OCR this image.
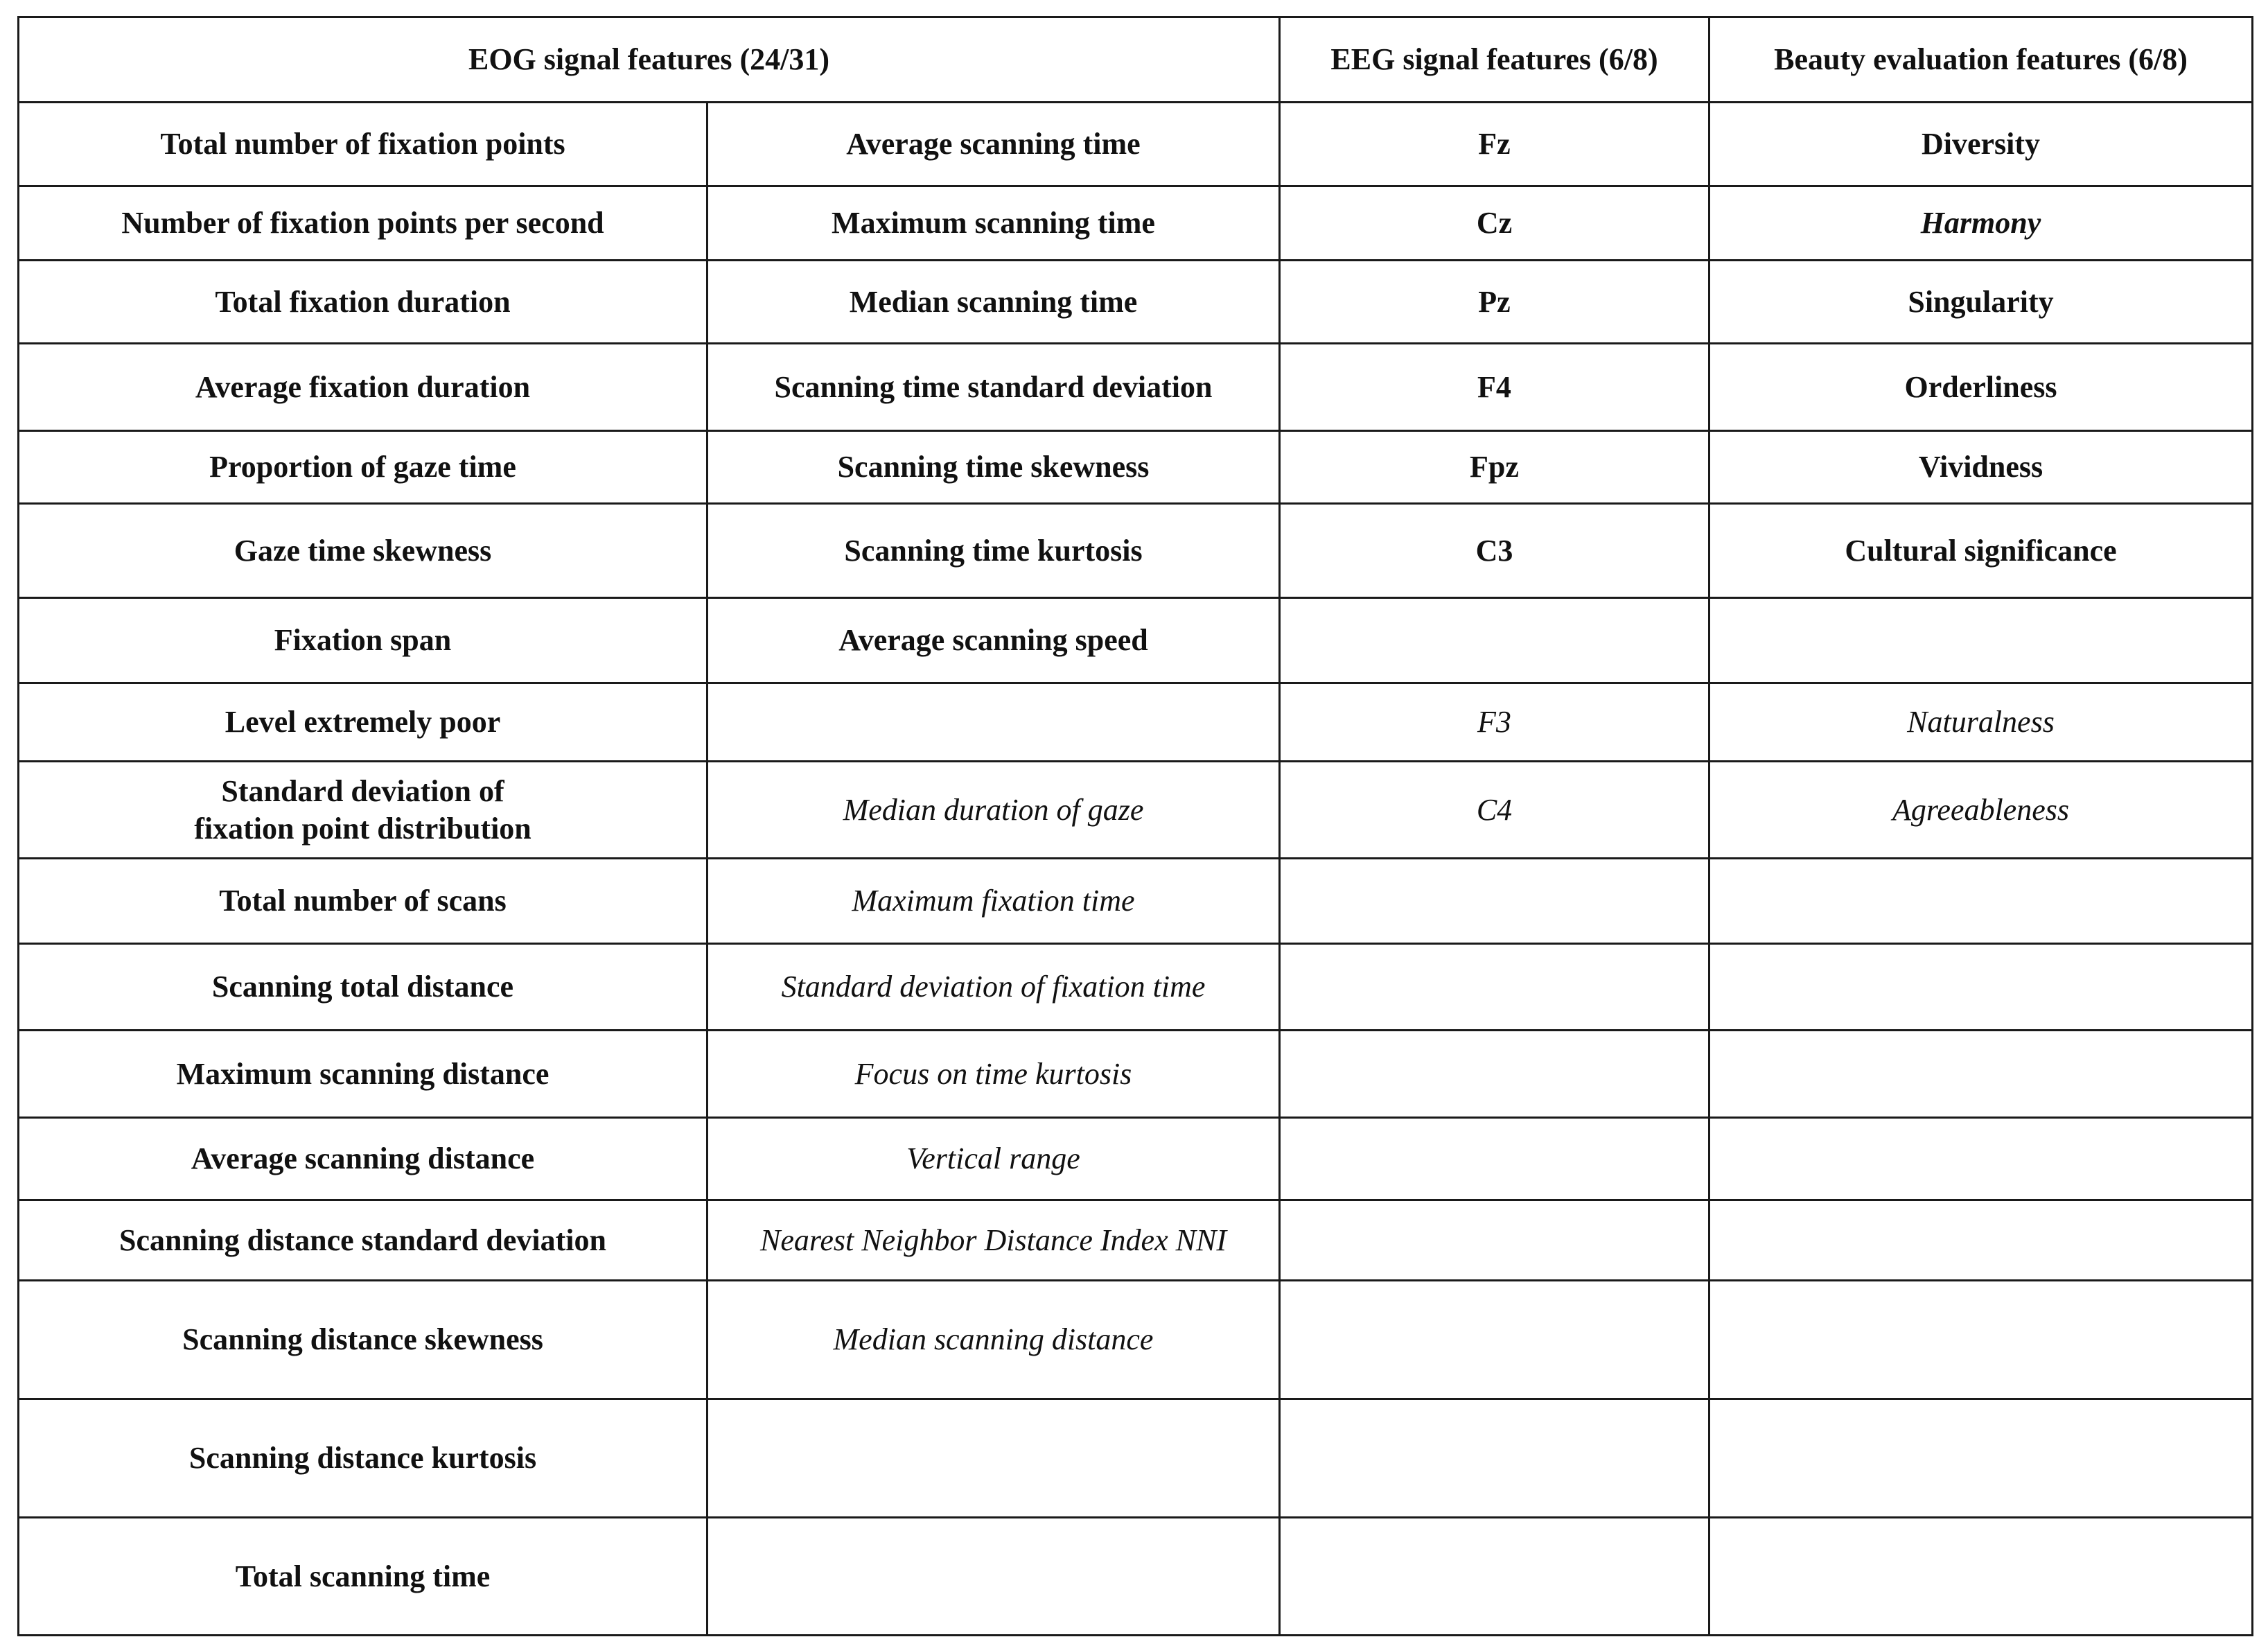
EOG signal features (24/31)		EEG signal features (6/8)	Beauty evaluation features (6/8)
Total number of fixation points	Average scanning time	Fz	Diversity
Number of fixation points per second	Maximum scanning time	Cz	Harmony
Total fixation duration	Median scanning time	Pz	Singularity
Average fixation duration	Scanning time standard deviation	F4	Orderliness
Proportion of gaze time	Scanning time skewness	Fpz	Vividness
Gaze time skewness	Scanning time kurtosis	C3	Cultural significance
Fixation span	Average scanning speed		
Level extremely poor		F3	Naturalness
Standard deviation of
fixation point distribution	Median duration of gaze	C4	Agreeableness
Total number of scans	Maximum fixation time		
Scanning total distance	Standard deviation of fixation time		
Maximum scanning distance	Focus on time kurtosis		
Average scanning distance	Vertical range		
Scanning distance standard deviation	Nearest Neighbor Distance Index NNI		
Scanning distance skewness	Median scanning distance		
Scanning distance kurtosis			
Total scanning time			
